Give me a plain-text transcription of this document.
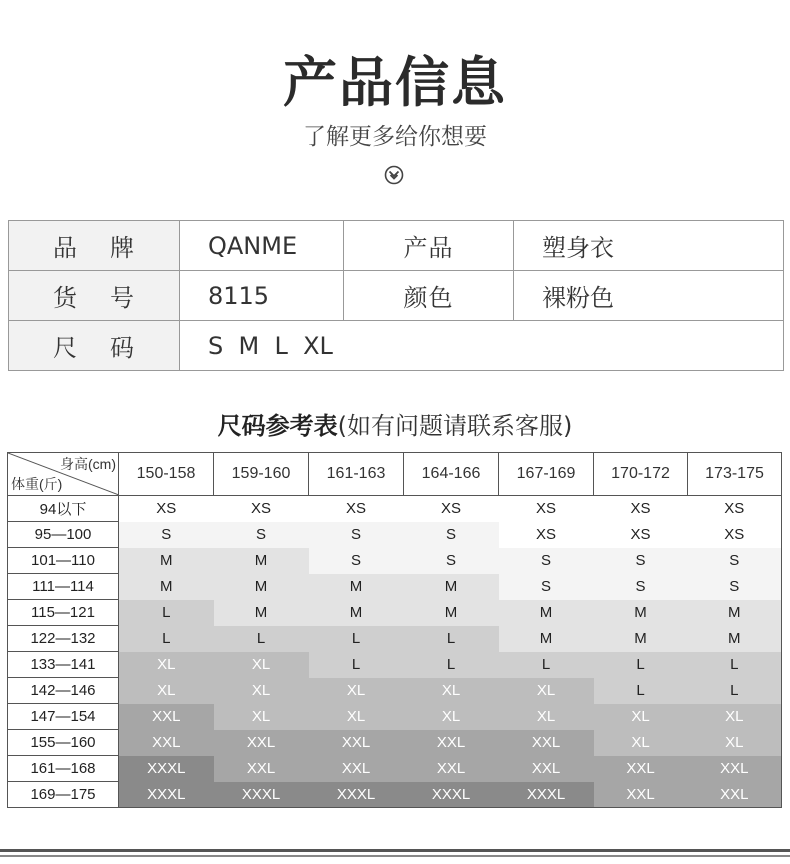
产品信息
了解更多给你想要
品 牌	QANME	产品	塑身衣
货 号	8115	颜色	裸粉色
尺 码	S  M  L  XL		
尺码参考表(如有问题请联系客服)
身高(cm)
体重(斤)	150-158	159-160	161-163	164-166	167-169	170-172	173-175
94以下	XS	XS	XS	XS	XS	XS	XS
95—100	S	S	S	S	XS	XS	XS
101—110	M	M	S	S	S	S	S
111—114	M	M	M	M	S	S	S
115—121	L	M	M	M	M	M	M
122—132	L	L	L	L	M	M	M
133—141	XL	XL	L	L	L	L	L
142—146	XL	XL	XL	XL	XL	L	L
147—154	XXL	XL	XL	XL	XL	XL	XL
155—160	XXL	XXL	XXL	XXL	XXL	XL	XL
161—168	XXXL	XXL	XXL	XXL	XXL	XXL	XXL
169—175	XXXL	XXXL	XXXL	XXXL	XXXL	XXL	XXL
